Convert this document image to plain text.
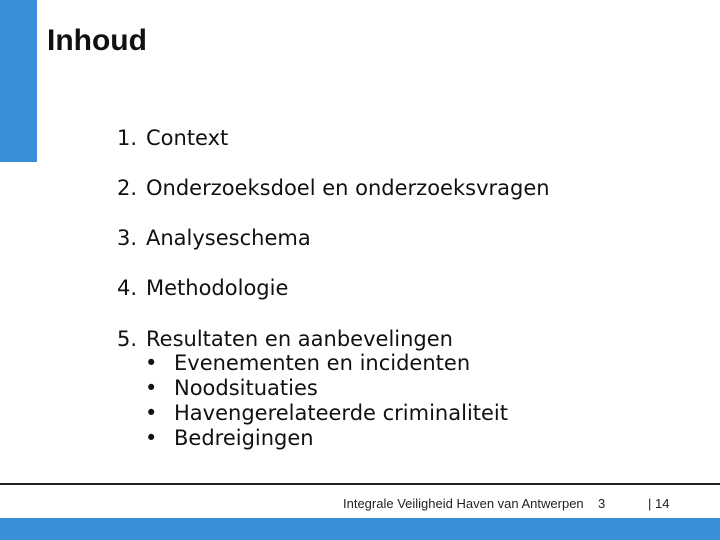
Inhoud
1. Context
2. Onderzoeksdoel en onderzoeksvragen
3. Analyseschema
4. Methodologie
5. Resultaten en aanbevelingen
• Evenementen en incidenten
• Noodsituaties
• Havengerelateerde criminaliteit
• Bedreigingen
Integrale Veiligheid Haven van Antwerpen 3	| 14
